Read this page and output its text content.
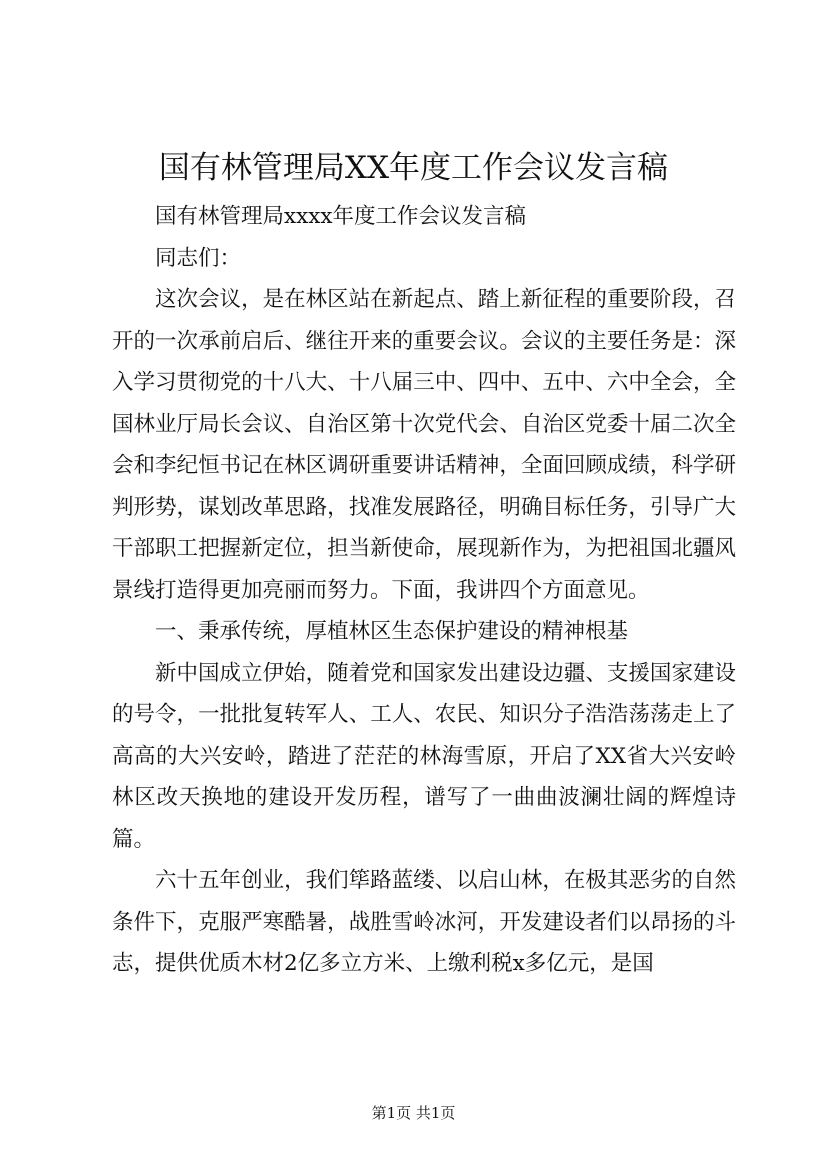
国有林管理局XX年度工作会议发言稿

国有林管理局xxxx年度工作会议发言稿

同志们：

这次会议，是在林区站在新起点、踏上新征程的重要阶段，召开的一次承前启后、继往开来的重要会议。会议的主要任务是：深入学习贯彻党的十八大、十八届三中、四中、五中、六中全会，全国林业厅局长会议、自治区第十次党代会、自治区党委十届二次全会和李纪恒书记在林区调研重要讲话精神，全面回顾成绩，科学研判形势，谋划改革思路，找准发展路径，明确目标任务，引导广大干部职工把握新定位，担当新使命，展现新作为，为把祖国北疆风景线打造得更加亮丽而努力。下面，我讲四个方面意见。

一、秉承传统，厚植林区生态保护建设的精神根基

新中国成立伊始，随着党和国家发出建设边疆、支援国家建设的号令，一批批复转军人、工人、农民、知识分子浩浩荡荡走上了高高的大兴安岭，踏进了茫茫的林海雪原，开启了XX省大兴安岭林区改天换地的建设开发历程，谱写了一曲曲波澜壮阔的辉煌诗篇。

六十五年创业，我们筚路蓝缕、以启山林，在极其恶劣的自然条件下，克服严寒酷暑，战胜雪岭冰河，开发建设者们以昂扬的斗志，提供优质木材2亿多立方米、上缴利税x多亿元，是国

第1页 共1页
